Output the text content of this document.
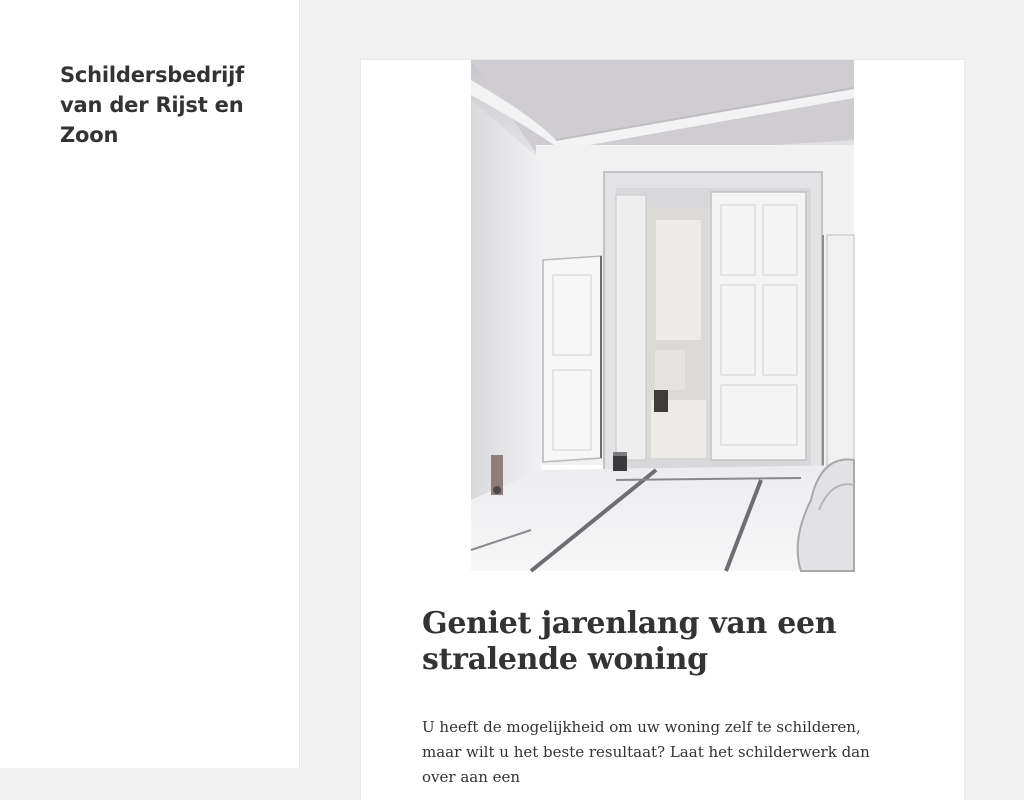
Schildersbedrijf van der Rijst en Zoon
Geniet jarenlang van een stralende woning

U heeft de mogelijkheid om uw woning zelf te schilderen, maar wilt u het beste resultaat? Laat het schilderwerk dan over aan een
